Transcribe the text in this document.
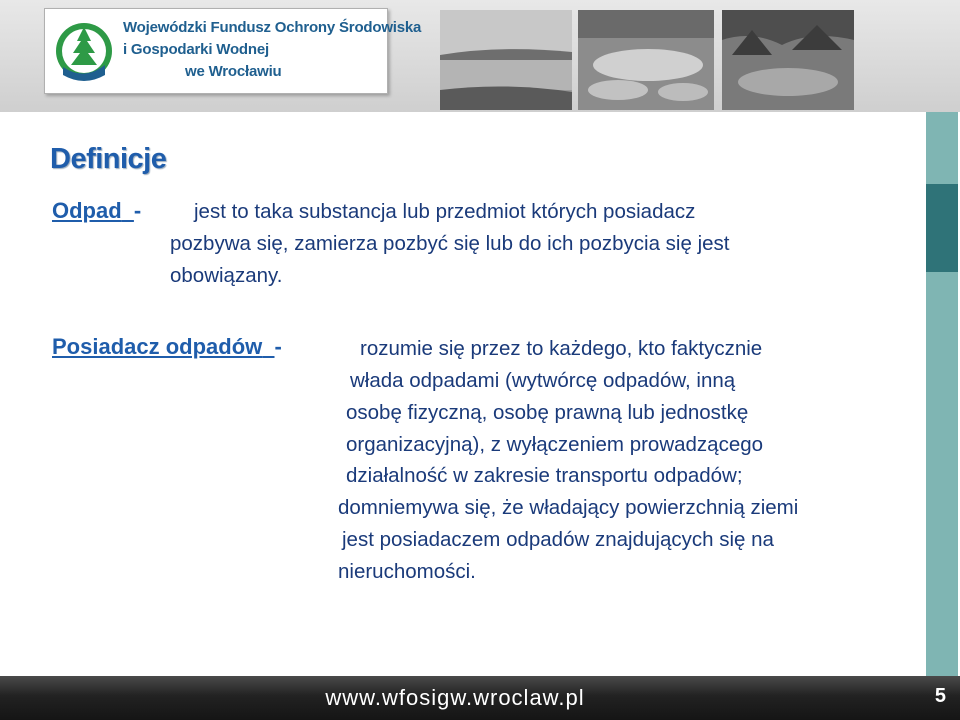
Wojewódzki Fundusz Ochrony Środowiska
i Gospodarki Wodnej
we Wrocławiu
Definicje
Odpad -	jest to taka substancja lub przedmiot których posiadacz
pozbywa się, zamierza pozbyć się lub do ich pozbycia się jest
obowiązany.
Posiadacz odpadów -	rozumie się przez to każdego, kto faktycznie
włada odpadami (wytwórcę odpadów, inną
osobę fizyczną, osobę prawną lub jednostkę
organizacyjną), z wyłączeniem prowadzącego
działalność w zakresie transportu odpadów;
domniemywa się, że władający powierzchnią ziemi
jest posiadaczem odpadów znajdujących się na
nieruchomości.
www.wfosigw.wroclaw.pl	5
